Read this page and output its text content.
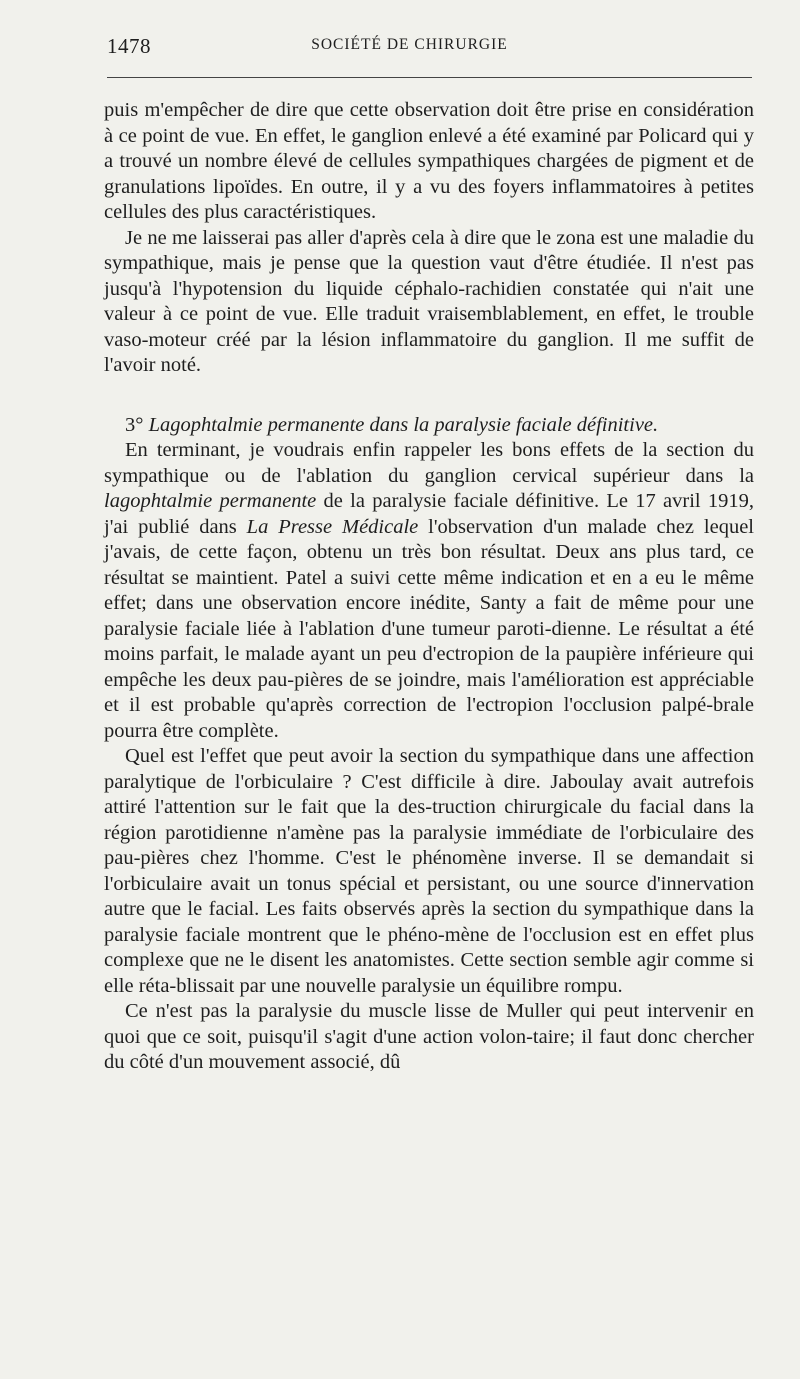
1478	SOCIÉTÉ DE CHIRURGIE

puis m'empêcher de dire que cette observation doit être prise en considération à ce point de vue. En effet, le ganglion enlevé a été examiné par Policard qui y a trouvé un nombre élevé de cellules sympathiques chargées de pigment et de granulations lipoïdes. En outre, il y a vu des foyers inflammatoires à petites cellules des plus caractéristiques.

Je ne me laisserai pas aller d'après cela à dire que le zona est une maladie du sympathique, mais je pense que la question vaut d'être étudiée. Il n'est pas jusqu'à l'hypotension du liquide céphalo-rachidien constatée qui n'ait une valeur à ce point de vue. Elle traduit vraisemblablement, en effet, le trouble vaso-moteur créé par la lésion inflammatoire du ganglion. Il me suffit de l'avoir noté.

3° Lagophtalmie permanente dans la paralysie faciale définitive.

En terminant, je voudrais enfin rappeler les bons effets de la section du sympathique ou de l'ablation du ganglion cervical supérieur dans la lagophtalmie permanente de la paralysie faciale définitive. Le 17 avril 1919, j'ai publié dans La Presse Médicale l'observation d'un malade chez lequel j'avais, de cette façon, obtenu un très bon résultat. Deux ans plus tard, ce résultat se maintient. Patel a suivi cette même indication et en a eu le même effet; dans une observation encore inédite, Santy a fait de même pour une paralysie faciale liée à l'ablation d'une tumeur paroti-dienne. Le résultat a été moins parfait, le malade ayant un peu d'ectropion de la paupière inférieure qui empêche les deux pau-pières de se joindre, mais l'amélioration est appréciable et il est probable qu'après correction de l'ectropion l'occlusion palpé-brale pourra être complète.

Quel est l'effet que peut avoir la section du sympathique dans une affection paralytique de l'orbiculaire ? C'est difficile à dire. Jaboulay avait autrefois attiré l'attention sur le fait que la des-truction chirurgicale du facial dans la région parotidienne n'amène pas la paralysie immédiate de l'orbiculaire des pau-pières chez l'homme. C'est le phénomène inverse. Il se demandait si l'orbiculaire avait un tonus spécial et persistant, ou une source d'innervation autre que le facial. Les faits observés après la section du sympathique dans la paralysie faciale montrent que le phéno-mène de l'occlusion est en effet plus complexe que ne le disent les anatomistes. Cette section semble agir comme si elle réta-blissait par une nouvelle paralysie un équilibre rompu.

Ce n'est pas la paralysie du muscle lisse de Muller qui peut intervenir en quoi que ce soit, puisqu'il s'agit d'une action volon-taire; il faut donc chercher du côté d'un mouvement associé, dû
